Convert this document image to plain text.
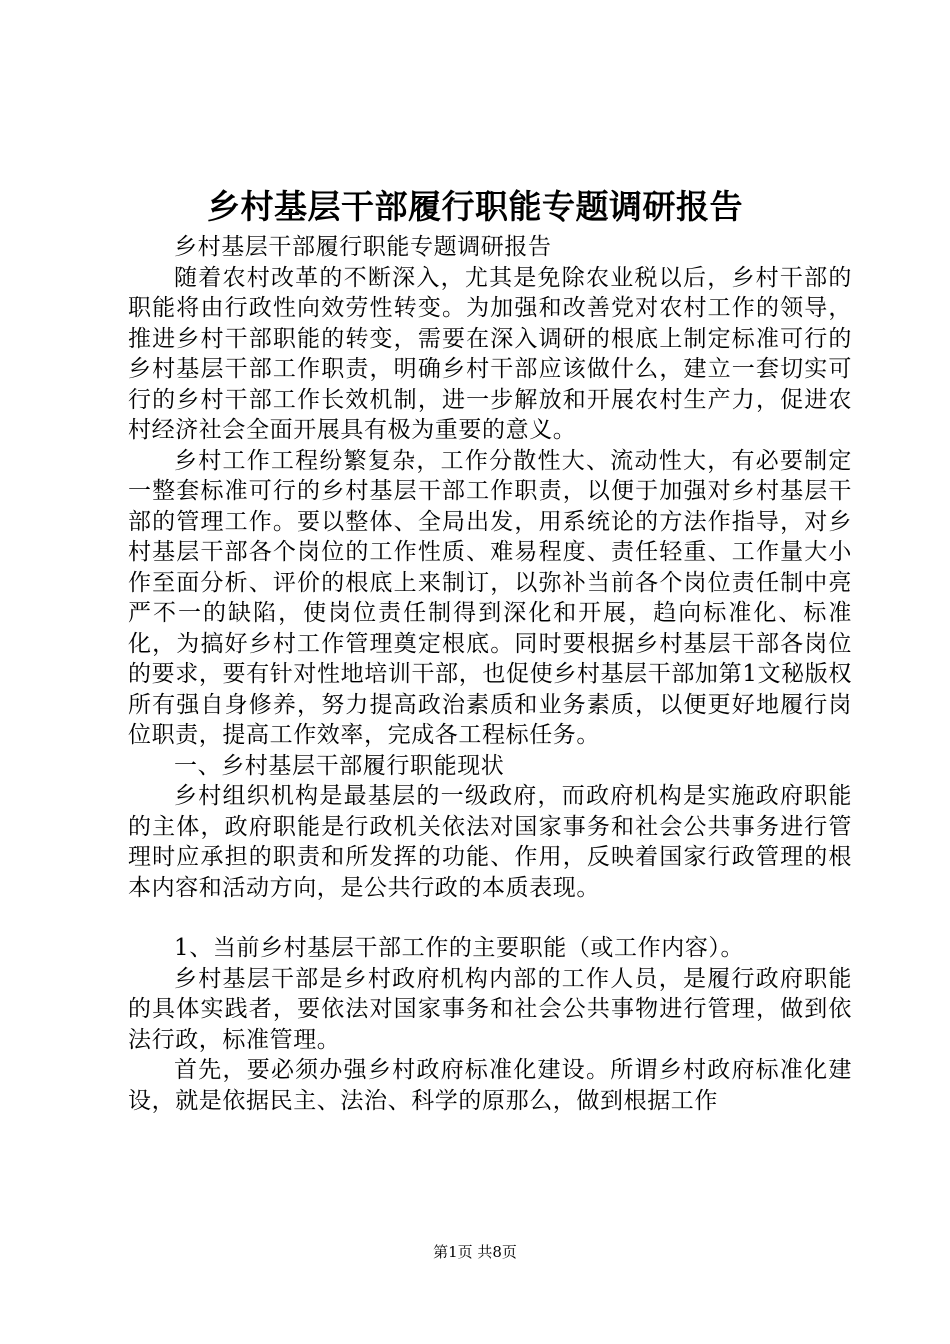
乡村基层干部履行职能专题调研报告

乡村基层干部履行职能专题调研报告

随着农村改革的不断深入，尤其是免除农业税以后，乡村干部的职能将由行政性向效劳性转变。为加强和改善党对农村工作的领导，推进乡村干部职能的转变，需要在深入调研的根底上制定标准可行的乡村基层干部工作职责，明确乡村干部应该做什么，建立一套切实可行的乡村干部工作长效机制，进一步解放和开展农村生产力，促进农村经济社会全面开展具有极为重要的意义。

乡村工作工程纷繁复杂，工作分散性大、流动性大，有必要制定一整套标准可行的乡村基层干部工作职责，以便于加强对乡村基层干部的管理工作。要以整体、全局出发，用系统论的方法作指导，对乡村基层干部各个岗位的工作性质、难易程度、责任轻重、工作量大小作至面分析、评价的根底上来制订，以弥补当前各个岗位责任制中亮严不一的缺陷，使岗位责任制得到深化和开展，趋向标准化、标准化，为搞好乡村工作管理奠定根底。同时要根据乡村基层干部各岗位的要求，要有针对性地培训干部，也促使乡村基层干部加第1文秘版权所有强自身修养，努力提高政治素质和业务素质，以便更好地履行岗位职责，提高工作效率，完成各工程标任务。

一、乡村基层干部履行职能现状

乡村组织机构是最基层的一级政府，而政府机构是实施政府职能的主体，政府职能是行政机关依法对国家事务和社会公共事务进行管理时应承担的职责和所发挥的功能、作用，反映着国家行政管理的根本内容和活动方向，是公共行政的本质表现。

1、当前乡村基层干部工作的主要职能（或工作内容）。

乡村基层干部是乡村政府机构内部的工作人员，是履行政府职能的具体实践者，要依法对国家事务和社会公共事物进行管理，做到依法行政，标准管理。

首先，要必须办强乡村政府标准化建设。所谓乡村政府标准化建设，就是依据民主、法治、科学的原那么，做到根据工作

第1页 共8页
